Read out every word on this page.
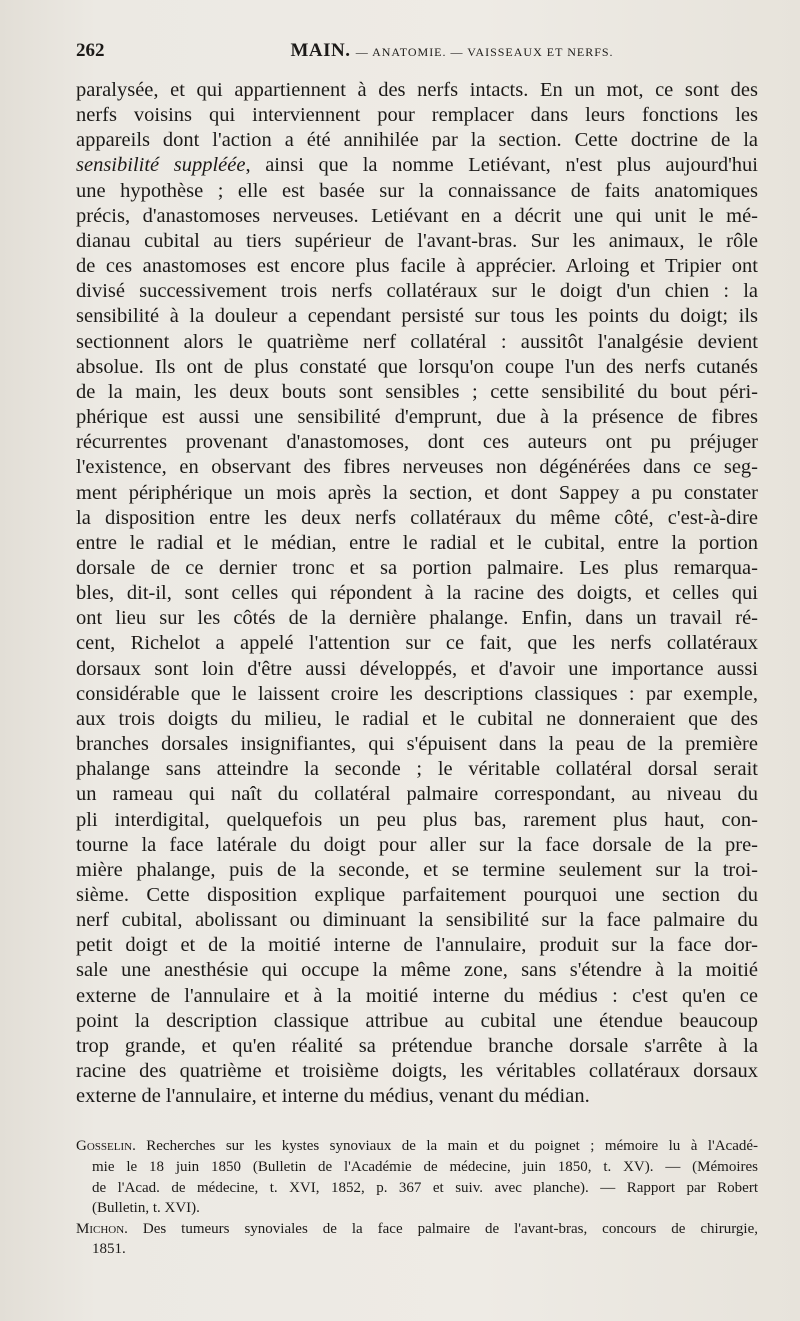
262	MAIN. — ANATOMIE. — VAISSEAUX ET NERFS.
paralysée, et qui appartiennent à des nerfs intacts. En un mot, ce sont des
nerfs voisins qui interviennent pour remplacer dans leurs fonctions les
appareils dont l'action a été annihilée par la section. Cette doctrine de la
sensibilité suppléée, ainsi que la nomme Letiévant, n'est plus aujourd'hui
une hypothèse ; elle est basée sur la connaissance de faits anatomiques
précis, d'anastomoses nerveuses. Letiévant en a décrit une qui unit le mé-
dianau cubital au tiers supérieur de l'avant-bras. Sur les animaux, le rôle
de ces anastomoses est encore plus facile à apprécier. Arloing et Tripier ont
divisé successivement trois nerfs collatéraux sur le doigt d'un chien : la
sensibilité à la douleur a cependant persisté sur tous les points du doigt; ils
sectionnent alors le quatrième nerf collatéral : aussitôt l'analgésie devient
absolue. Ils ont de plus constaté que lorsqu'on coupe l'un des nerfs cutanés
de la main, les deux bouts sont sensibles ; cette sensibilité du bout péri-
phérique est aussi une sensibilité d'emprunt, due à la présence de fibres
récurrentes provenant d'anastomoses, dont ces auteurs ont pu préjuger
l'existence, en observant des fibres nerveuses non dégénérées dans ce seg-
ment périphérique un mois après la section, et dont Sappey a pu constater
la disposition entre les deux nerfs collatéraux du même côté, c'est-à-dire
entre le radial et le médian, entre le radial et le cubital, entre la portion
dorsale de ce dernier tronc et sa portion palmaire. Les plus remarqua-
bles, dit-il, sont celles qui répondent à la racine des doigts, et celles qui
ont lieu sur les côtés de la dernière phalange. Enfin, dans un travail ré-
cent, Richelot a appelé l'attention sur ce fait, que les nerfs collatéraux
dorsaux sont loin d'être aussi développés, et d'avoir une importance aussi
considérable que le laissent croire les descriptions classiques : par exemple,
aux trois doigts du milieu, le radial et le cubital ne donneraient que des
branches dorsales insignifiantes, qui s'épuisent dans la peau de la première
phalange sans atteindre la seconde ; le véritable collatéral dorsal serait
un rameau qui naît du collatéral palmaire correspondant, au niveau du
pli interdigital, quelquefois un peu plus bas, rarement plus haut, con-
tourne la face latérale du doigt pour aller sur la face dorsale de la pre-
mière phalange, puis de la seconde, et se termine seulement sur la troi-
sième. Cette disposition explique parfaitement pourquoi une section du
nerf cubital, abolissant ou diminuant la sensibilité sur la face palmaire du
petit doigt et de la moitié interne de l'annulaire, produit sur la face dor-
sale une anesthésie qui occupe la même zone, sans s'étendre à la moitié
externe de l'annulaire et à la moitié interne du médius : c'est qu'en ce
point la description classique attribue au cubital une étendue beaucoup
trop grande, et qu'en réalité sa prétendue branche dorsale s'arrête à la
racine des quatrième et troisième doigts, les véritables collatéraux dorsaux
externe de l'annulaire, et interne du médius, venant du médian.
Gosselin. Recherches sur les kystes synoviaux de la main et du poignet ; mémoire lu à l'Acadé-
mie le 18 juin 1850 (Bulletin de l'Académie de médecine, juin 1850, t. XV). — (Mémoires
de l'Acad. de médecine, t. XVI, 1852, p. 367 et suiv. avec planche). — Rapport par Robert
(Bulletin, t. XVI).
Michon. Des tumeurs synoviales de la face palmaire de l'avant-bras, concours de chirurgie,
1851.
